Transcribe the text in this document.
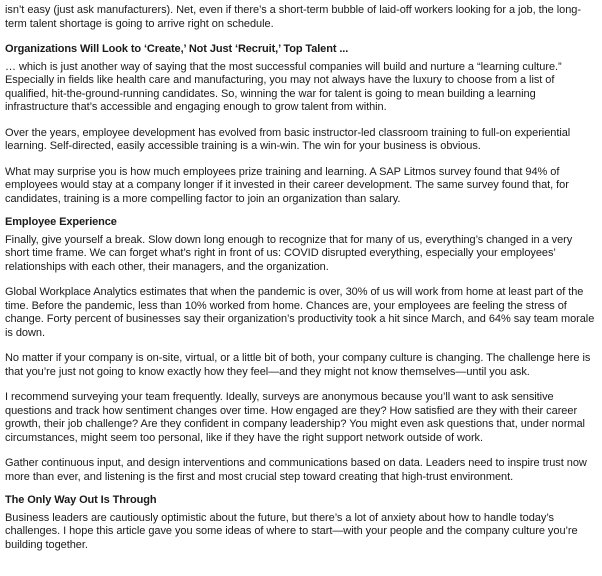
isn’t easy (just ask manufacturers). Net, even if there’s a short-term bubble of laid-off workers looking for a job, the long-term talent shortage is going to arrive right on schedule.

Organizations Will Look to ‘Create,’ Not Just ‘Recruit,’ Top Talent ...

… which is just another way of saying that the most successful companies will build and nurture a “learning culture.” Especially in fields like health care and manufacturing, you may not always have the luxury to choose from a list of qualified, hit-the-ground-running candidates. So, winning the war for talent is going to mean building a learning infrastructure that’s accessible and engaging enough to grow talent from within.

Over the years, employee development has evolved from basic instructor-led classroom training to full-on experiential learning. Self-directed, easily accessible training is a win-win. The win for your business is obvious.

What may surprise you is how much employees prize training and learning. A SAP Litmos survey found that 94% of employees would stay at a company longer if it invested in their career development. The same survey found that, for candidates, training is a more compelling factor to join an organization than salary.

Employee Experience

Finally, give yourself a break. Slow down long enough to recognize that for many of us, everything’s changed in a very short time frame. We can forget what’s right in front of us: COVID disrupted everything, especially your employees’ relationships with each other, their managers, and the organization.

Global Workplace Analytics estimates that when the pandemic is over, 30% of us will work from home at least part of the time. Before the pandemic, less than 10% worked from home. Chances are, your employees are feeling the stress of change. Forty percent of businesses say their organization’s productivity took a hit since March, and 64% say team morale is down.

No matter if your company is on-site, virtual, or a little bit of both, your company culture is changing. The challenge here is that you’re just not going to know exactly how they feel—and they might not know themselves—until you ask.

I recommend surveying your team frequently. Ideally, surveys are anonymous because you’ll want to ask sensitive questions and track how sentiment changes over time. How engaged are they? How satisfied are they with their career growth, their job challenge? Are they confident in company leadership? You might even ask questions that, under normal circumstances, might seem too personal, like if they have the right support network outside of work.

Gather continuous input, and design interventions and communications based on data. Leaders need to inspire trust now more than ever, and listening is the first and most crucial step toward creating that high-trust environment.

The Only Way Out Is Through

Business leaders are cautiously optimistic about the future, but there’s a lot of anxiety about how to handle today’s challenges. I hope this article gave you some ideas of where to start—with your people and the company culture you’re building together.
